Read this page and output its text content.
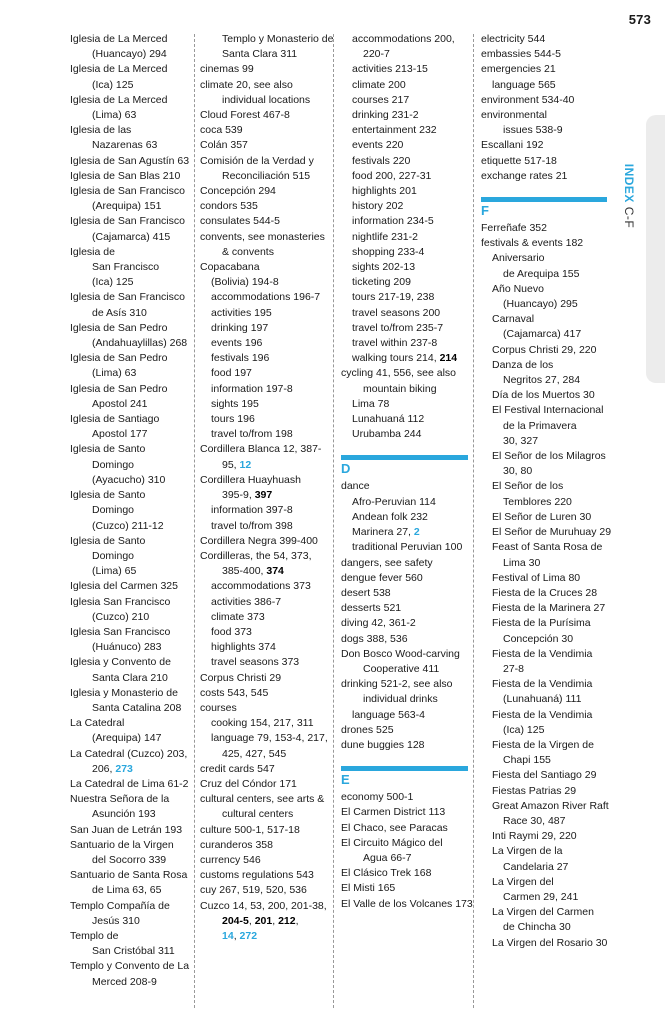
573
INDEX C-F
Iglesia de La Merced
(Huancayo) 294
Iglesia de La Merced
(Ica) 125
Iglesia de La Merced
(Lima) 63
Iglesia de las
Nazarenas 63
Iglesia de San Agustín 63
Iglesia de San Blas 210
Iglesia de San Francisco
(Arequipa) 151
Iglesia de San Francisco
(Cajamarca) 415
Iglesia de
San Francisco
(Ica) 125
Iglesia de San Francisco
de Asís 310
Iglesia de San Pedro
(Andahuaylillas) 268
Iglesia de San Pedro
(Lima) 63
Iglesia de San Pedro
Apostol 241
Iglesia de Santiago
Apostol 177
Iglesia de Santo
Domingo
(Ayacucho) 310
Iglesia de Santo
Domingo
(Cuzco) 211-12
Iglesia de Santo
Domingo
(Lima) 65
Iglesia del Carmen 325
Iglesia San Francisco
(Cuzco) 210
Iglesia San Francisco
(Huánuco) 283
Iglesia y Convento de
Santa Clara 210
Iglesia y Monasterio de
Santa Catalina 208
La Catedral
(Arequipa) 147
La Catedral (Cuzco) 203,
206, 273
La Catedral de Lima 61-2
Nuestra Señora de la
Asunción 193
San Juan de Letrán 193
Santuario de la Virgen
del Socorro 339
Santuario de Santa Rosa
de Lima 63, 65
Templo Compañía de
Jesús 310
Templo de
San Cristóbal 311
Templo y Convento de La
Merced 208-9
Templo y Monasterio de
Santa Clara 311
cinemas 99
climate 20, see also
individual locations
Cloud Forest 467-8
coca 539
Colán 357
Comisión de la Verdad y
Reconciliación 515
Concepción 294
condors 535
consulates 544-5
convents, see monasteries
& convents
Copacabana
(Bolivia) 194-8
accommodations 196-7
activities 195
drinking 197
events 196
festivals 196
food 197
information 197-8
sights 195
tours 196
travel to/from 198
Cordillera Blanca 12, 387-
95, 12
Cordillera Huayhuash
395-9, 397
information 397-8
travel to/from 398
Cordillera Negra 399-400
Cordilleras, the 54, 373,
385-400, 374
accommodations 373
activities 386-7
climate 373
food 373
highlights 374
travel seasons 373
Corpus Christi 29
costs 543, 545
courses
cooking 154, 217, 311
language 79, 153-4, 217,
425, 427, 545
credit cards 547
Cruz del Cóndor 171
cultural centers, see arts &
cultural centers
culture 500-1, 517-18
curanderos 358
currency 546
customs regulations 543
cuy 267, 519, 520, 536
Cuzco 14, 53, 200, 201-38,
204-5, 201, 212,
14, 272
accommodations 200,
220-7
activities 213-15
climate 200
courses 217
drinking 231-2
entertainment 232
events 220
festivals 220
food 200, 227-31
highlights 201
history 202
information 234-5
nightlife 231-2
shopping 233-4
sights 202-13
ticketing 209
tours 217-19, 238
travel seasons 200
travel to/from 235-7
travel within 237-8
walking tours 214, 214
cycling 41, 556, see also
mountain biking
Lima 78
Lunahuaná 112
Urubamba 244
D
dance
Afro-Peruvian 114
Andean folk 232
Marinera 27, 2
traditional Peruvian 100
dangers, see safety
dengue fever 560
desert 538
desserts 521
diving 42, 361-2
dogs 388, 536
Don Bosco Wood-carving
Cooperative 411
drinking 521-2, see also
individual drinks
language 563-4
drones 525
dune buggies 128
E
economy 500-1
El Carmen District 113
El Chaco, see Paracas
El Circuito Mágico del
Agua 66-7
El Clásico Trek 168
El Misti 165
El Valle de los Volcanes 173
electricity 544
embassies 544-5
emergencies 21
language 565
environment 534-40
environmental
issues 538-9
Escallani 192
etiquette 517-18
exchange rates 21
F
Ferreñafe 352
festivals & events 182
Aniversario
de Arequipa 155
Año Nuevo
(Huancayo) 295
Carnaval
(Cajamarca) 417
Corpus Christi 29, 220
Danza de los
Negritos 27, 284
Día de los Muertos 30
El Festival Internacional
de la Primavera
30, 327
El Señor de los Milagros
30, 80
El Señor de los
Temblores 220
El Señor de Luren 30
El Señor de Muruhuay 29
Feast of Santa Rosa de
Lima 30
Festival of Lima 80
Fiesta de la Cruces 28
Fiesta de la Marinera 27
Fiesta de la Purísima
Concepción 30
Fiesta de la Vendimia
27-8
Fiesta de la Vendimia
(Lunahuaná) 111
Fiesta de la Vendimia
(Ica) 125
Fiesta de la Virgen de
Chapi 155
Fiesta del Santiago 29
Fiestas Patrias 29
Great Amazon River Raft
Race 30, 487
Inti Raymi 29, 220
La Virgen de la
Candelaria 27
La Virgen del
Carmen 29, 241
La Virgen del Carmen
de Chincha 30
La Virgen del Rosario 30
